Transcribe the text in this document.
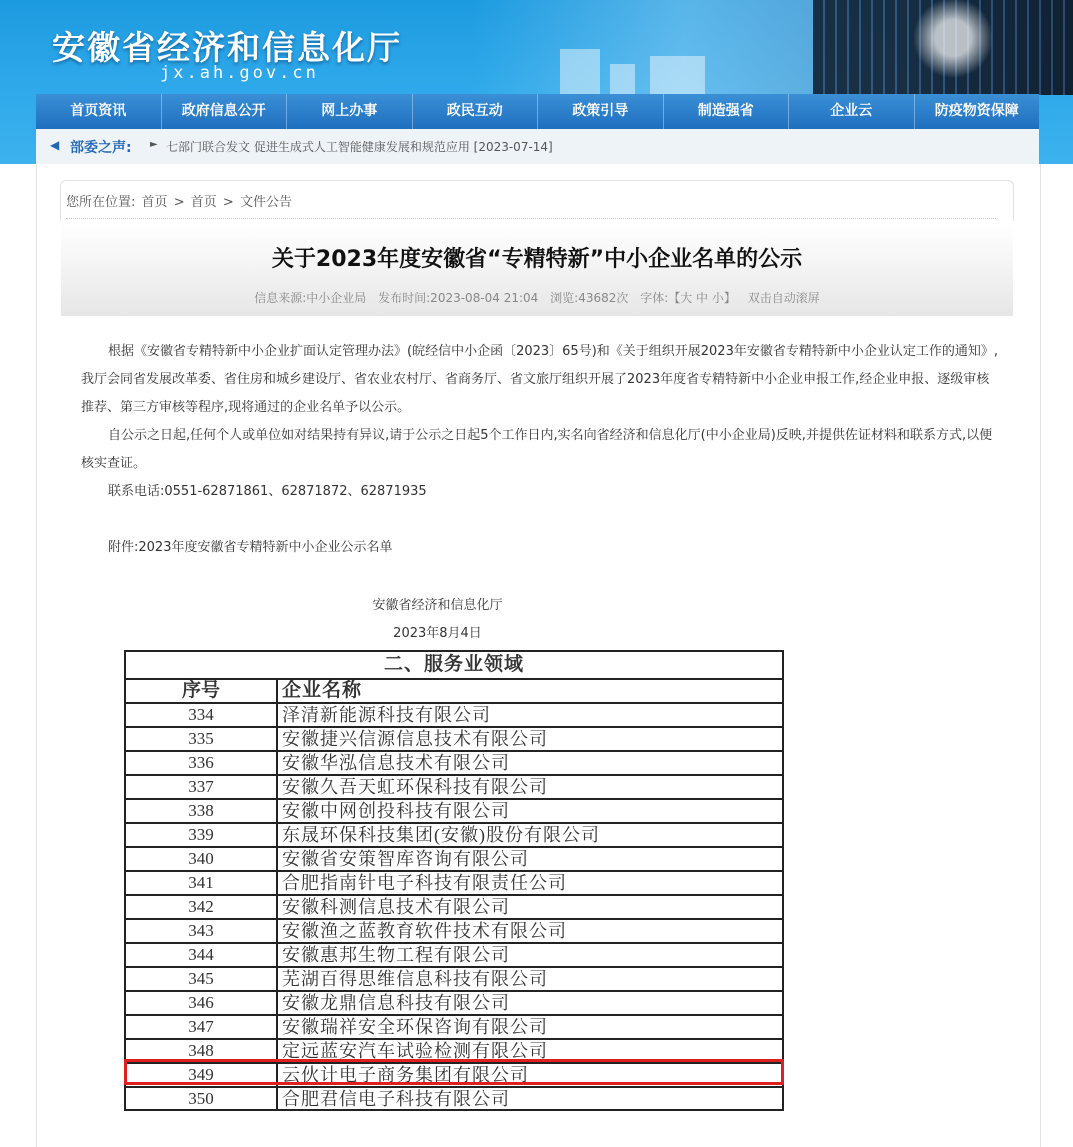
安徽省经济和信息化厅
jx.ah.gov.cn
首页资讯	政府信息公开	网上办事	政民互动	政策引导	制造强省	企业云	防疫物资保障
◀ 部委之声: ► 七部门联合发文 促进生成式人工智能健康发展和规范应用 [2023-07-14]
您所在位置: 首页 > 首页 > 文件公告
关于2023年度安徽省“专精特新”中小企业名单的公示
信息来源:中小企业局 发布时间:2023-08-04 21:04 浏览:43682次 字体:【大 中 小】 双击自动滚屏
根据《安徽省专精特新中小企业扩面认定管理办法》(皖经信中小企函〔2023〕65号)和《关于组织开展2023年安徽省专精特新中小企业认定工作的通知》,我厅会同省发展改革委、省住房和城乡建设厅、省农业农村厅、省商务厅、省文旅厅组织开展了2023年度省专精特新中小企业申报工作,经企业申报、逐级审核推荐、第三方审核等程序,现将通过的企业名单予以公示。
自公示之日起,任何个人或单位如对结果持有异议,请于公示之日起5个工作日内,实名向省经济和信息化厅(中小企业局)反映,并提供佐证材料和联系方式,以便核实查证。
联系电话:0551-62871861、62871872、62871935
附件:2023年度安徽省专精特新中小企业公示名单
安徽省经济和信息化厅
2023年8月4日
二、服务业领域
序号	企业名称
334	泽清新能源科技有限公司
335	安徽捷兴信源信息技术有限公司
336	安徽华泓信息技术有限公司
337	安徽久吾天虹环保科技有限公司
338	安徽中网创投科技有限公司
339	东晟环保科技集团(安徽)股份有限公司
340	安徽省安策智库咨询有限公司
341	合肥指南针电子科技有限责任公司
342	安徽科测信息技术有限公司
343	安徽渔之蓝教育软件技术有限公司
344	安徽惠邦生物工程有限公司
345	芜湖百得思维信息科技有限公司
346	安徽龙鼎信息科技有限公司
347	安徽瑞祥安全环保咨询有限公司
348	定远蓝安汽车试验检测有限公司
349	云伙计电子商务集团有限公司
350	合肥君信电子科技有限公司
